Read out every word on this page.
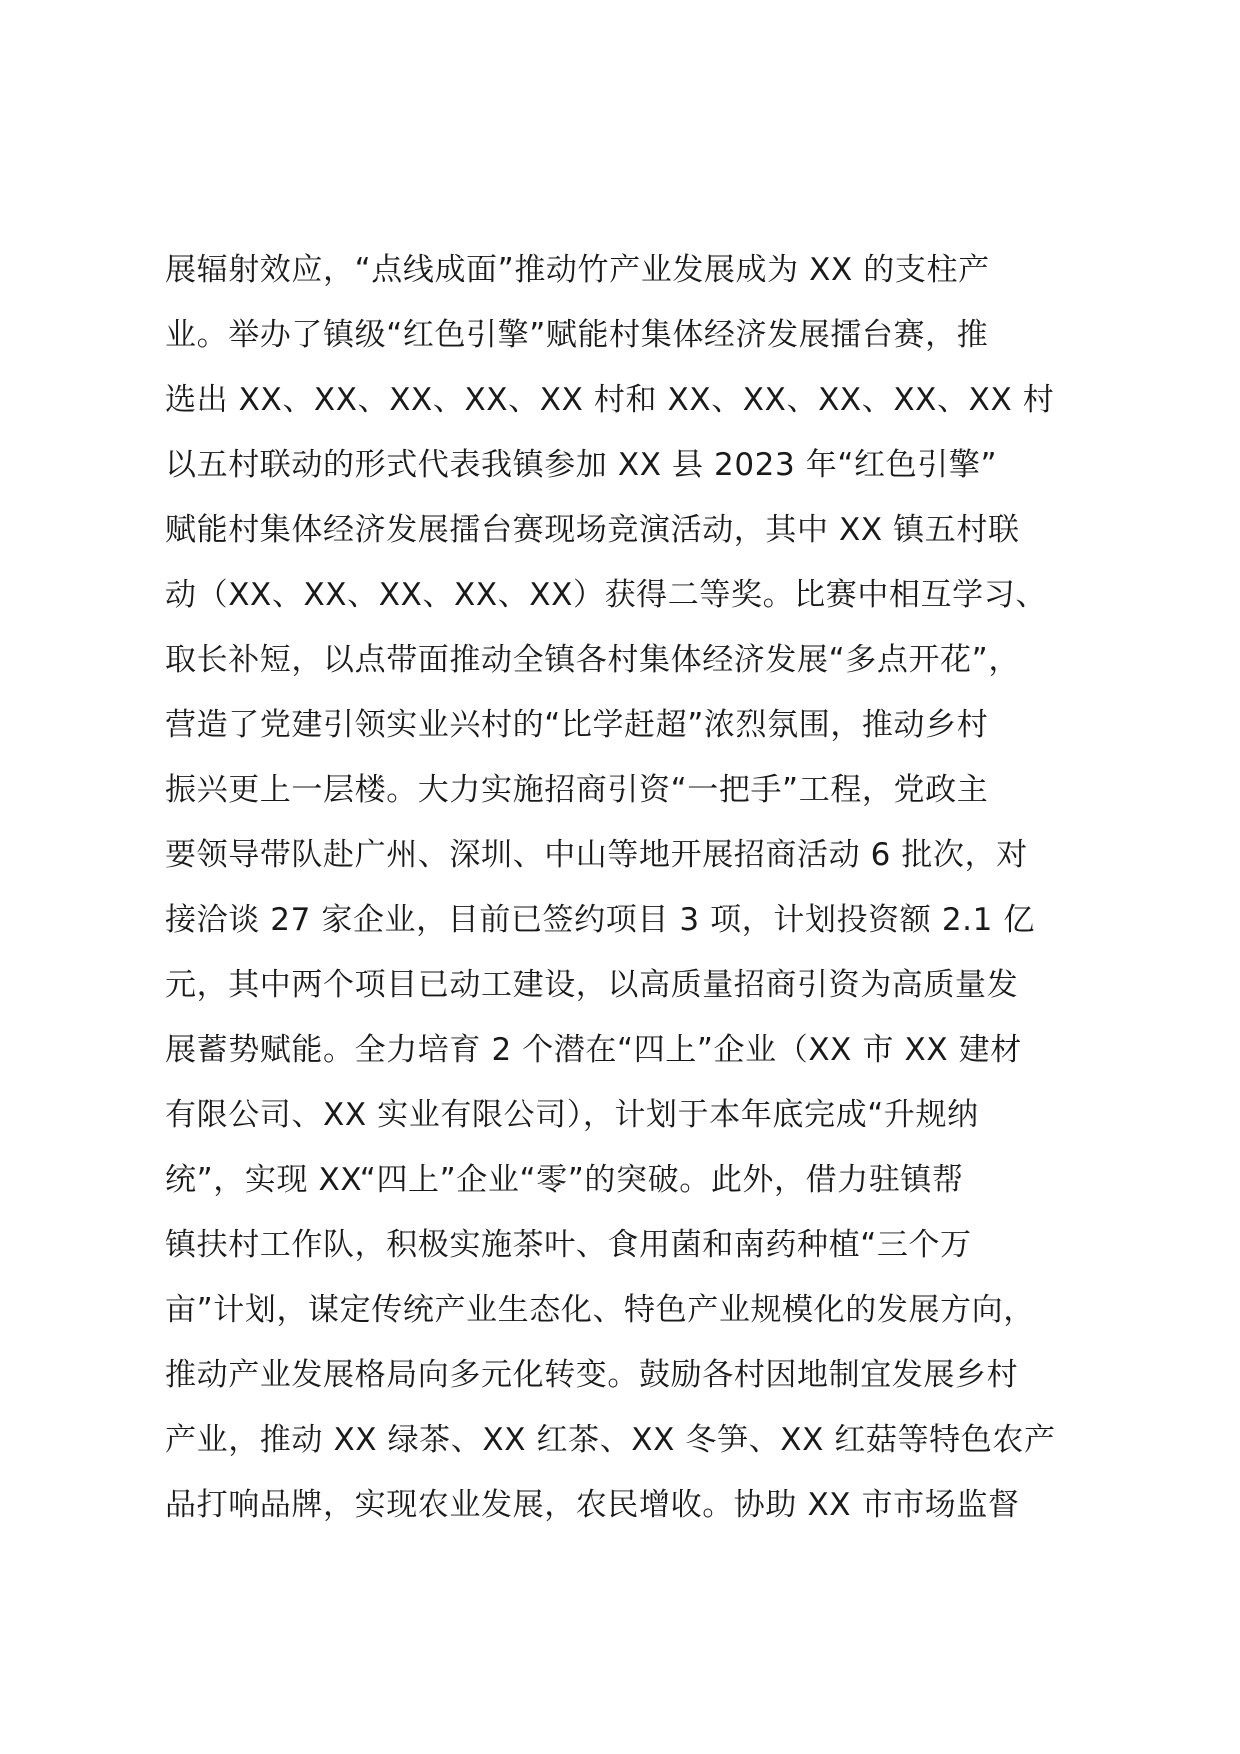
展辐射效应，“点线成面”推动竹产业发展成为 XX 的支柱产
业。举办了镇级“红色引擎”赋能村集体经济发展擂台赛，推
选出 XX、XX、XX、XX、XX 村和 XX、XX、XX、XX、XX 村
以五村联动的形式代表我镇参加 XX 县 2023 年“红色引擎”
赋能村集体经济发展擂台赛现场竞演活动，其中 XX 镇五村联
动（XX、XX、XX、XX、XX）获得二等奖。比赛中相互学习、
取长补短，以点带面推动全镇各村集体经济发展“多点开花”，
营造了党建引领实业兴村的“比学赶超”浓烈氛围，推动乡村
振兴更上一层楼。大力实施招商引资“一把手”工程，党政主
要领导带队赴广州、深圳、中山等地开展招商活动 6 批次，对
接洽谈 27 家企业，目前已签约项目 3 项，计划投资额 2.1 亿
元，其中两个项目已动工建设，以高质量招商引资为高质量发
展蓄势赋能。全力培育 2 个潜在“四上”企业（XX 市 XX 建材
有限公司、XX 实业有限公司），计划于本年底完成“升规纳
统”，实现 XX“四上”企业“零”的突破。此外，借力驻镇帮
镇扶村工作队，积极实施茶叶、食用菌和南药种植“三个万
亩”计划，谋定传统产业生态化、特色产业规模化的发展方向，
推动产业发展格局向多元化转变。鼓励各村因地制宜发展乡村
产业，推动 XX 绿茶、XX 红茶、XX 冬笋、XX 红菇等特色农产
品打响品牌，实现农业发展，农民增收。协助 XX 市市场监督
